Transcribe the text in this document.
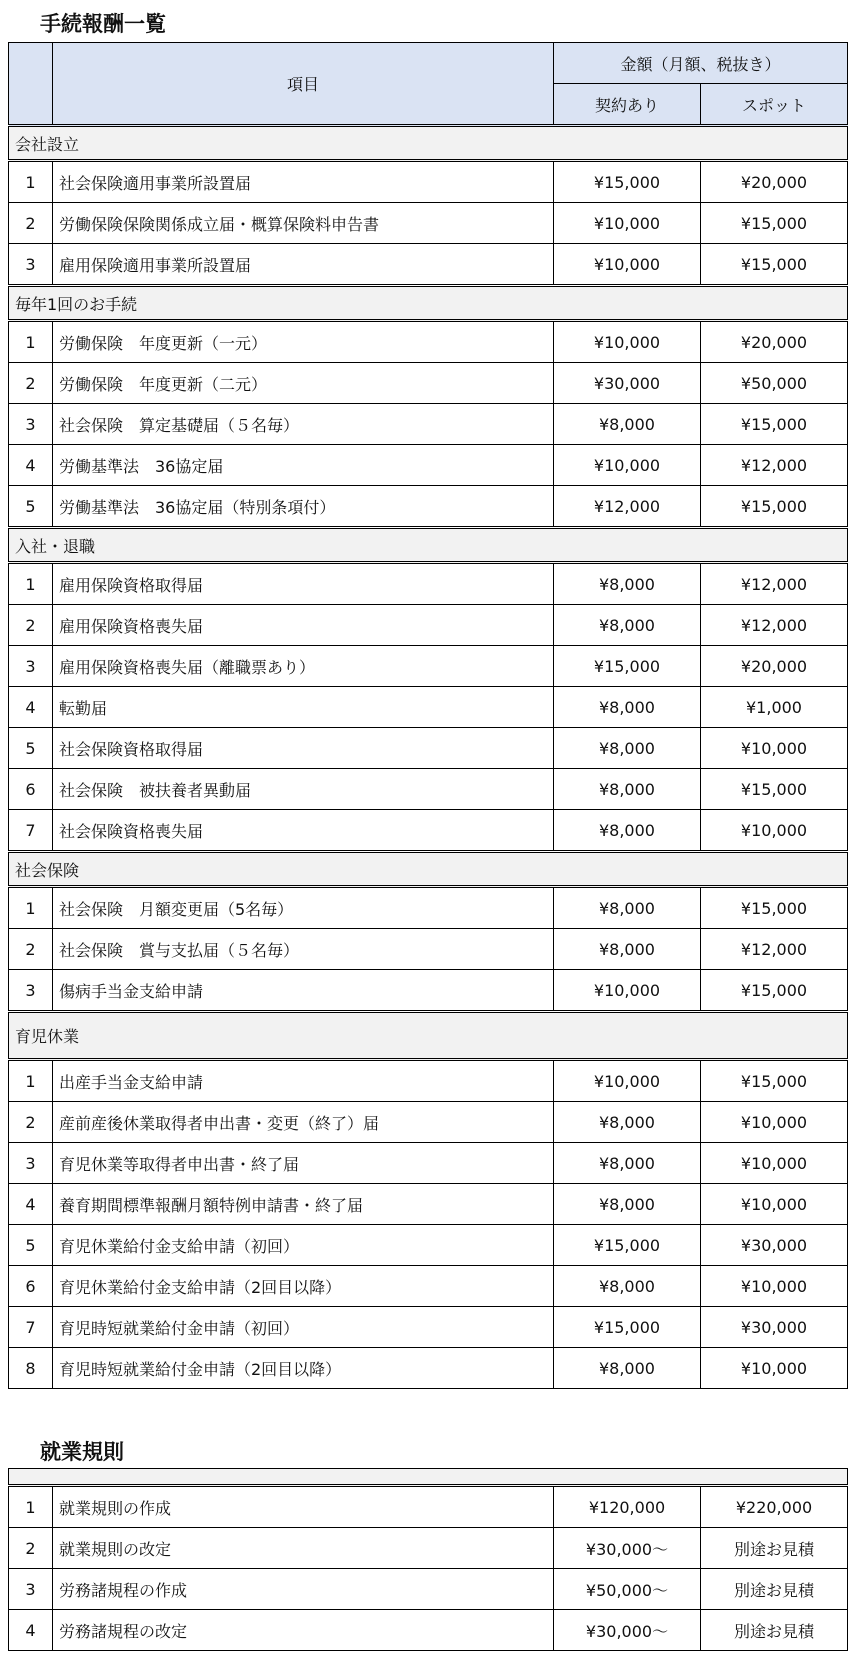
手続報酬一覧
	項目	金額（月額、税抜き）	
		契約あり	スポット
会社設立			
1	社会保険適用事業所設置届	¥15,000	¥20,000
2	労働保険保険関係成立届・概算保険料申告書	¥10,000	¥15,000
3	雇用保険適用事業所設置届	¥10,000	¥15,000
毎年1回のお手続			
1	労働保険　年度更新（一元）	¥10,000	¥20,000
2	労働保険　年度更新（二元）	¥30,000	¥50,000
3	社会保険　算定基礎届（５名毎）	¥8,000	¥15,000
4	労働基準法　36協定届	¥10,000	¥12,000
5	労働基準法　36協定届（特別条項付）	¥12,000	¥15,000
入社・退職			
1	雇用保険資格取得届	¥8,000	¥12,000
2	雇用保険資格喪失届	¥8,000	¥12,000
3	雇用保険資格喪失届（離職票あり）	¥15,000	¥20,000
4	転勤届	¥8,000	¥1,000
5	社会保険資格取得届	¥8,000	¥10,000
6	社会保険　被扶養者異動届	¥8,000	¥15,000
7	社会保険資格喪失届	¥8,000	¥10,000
社会保険			
1	社会保険　月額変更届（5名毎）	¥8,000	¥15,000
2	社会保険　賞与支払届（５名毎）	¥8,000	¥12,000
3	傷病手当金支給申請	¥10,000	¥15,000
育児休業			
1	出産手当金支給申請	¥10,000	¥15,000
2	産前産後休業取得者申出書・変更（終了）届	¥8,000	¥10,000
3	育児休業等取得者申出書・終了届	¥8,000	¥10,000
4	養育期間標準報酬月額特例申請書・終了届	¥8,000	¥10,000
5	育児休業給付金支給申請（初回）	¥15,000	¥30,000
6	育児休業給付金支給申請（2回目以降）	¥8,000	¥10,000
7	育児時短就業給付金申請（初回）	¥15,000	¥30,000
8	育児時短就業給付金申請（2回目以降）	¥8,000	¥10,000
就業規則

1	就業規則の作成	¥120,000	¥220,000
2	就業規則の改定	¥30,000～	別途お見積
3	労務諸規程の作成	¥50,000～	別途お見積
4	労務諸規程の改定	¥30,000～	別途お見積
